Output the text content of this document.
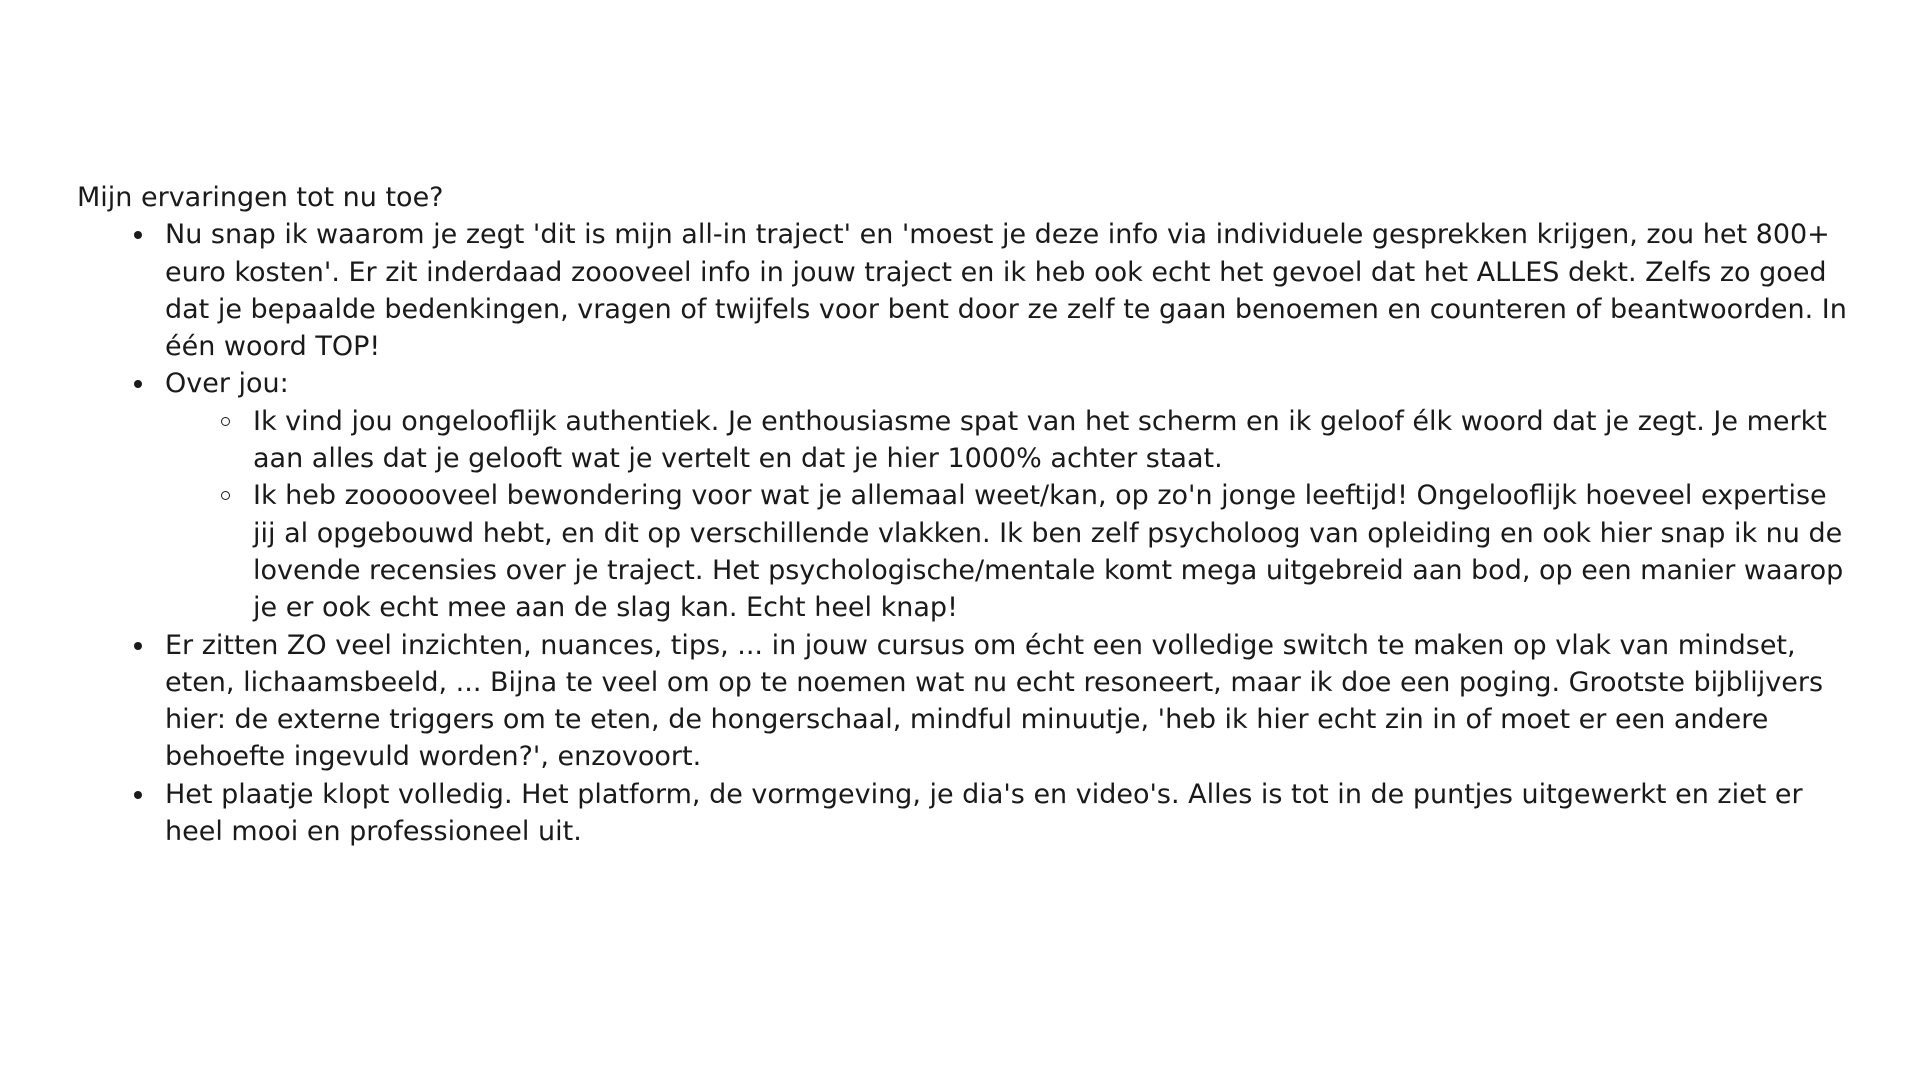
Mijn ervaringen tot nu toe?

Nu snap ik waarom je zegt 'dit is mijn all-in traject' en 'moest je deze info via individuele gesprekken krijgen, zou het 800+ euro kosten'. Er zit inderdaad zoooveel info in jouw traject en ik heb ook echt het gevoel dat het ALLES dekt. Zelfs zo goed dat je bepaalde bedenkingen, vragen of twijfels voor bent door ze zelf te gaan benoemen en counteren of beantwoorden. In één woord TOP!
Over jou:
Ik vind jou ongelooflijk authentiek. Je enthousiasme spat van het scherm en ik geloof élk woord dat je zegt. Je merkt aan alles dat je gelooft wat je vertelt en dat je hier 1000% achter staat.
Ik heb zoooooveel bewondering voor wat je allemaal weet/kan, op zo'n jonge leeftijd! Ongelooflijk hoeveel expertise jij al opgebouwd hebt, en dit op verschillende vlakken. Ik ben zelf psycholoog van opleiding en ook hier snap ik nu de lovende recensies over je traject. Het psychologische/mentale komt mega uitgebreid aan bod, op een manier waarop je er ook echt mee aan de slag kan. Echt heel knap!
Er zitten ZO veel inzichten, nuances, tips, ... in jouw cursus om écht een volledige switch te maken op vlak van mindset, eten, lichaamsbeeld, ... Bijna te veel om op te noemen wat nu echt resoneert, maar ik doe een poging. Grootste bijblijvers hier: de externe triggers om te eten, de hongerschaal, mindful minuutje, 'heb ik hier echt zin in of moet er een andere behoefte ingevuld worden?', enzovoort.
Het plaatje klopt volledig. Het platform, de vormgeving, je dia's en video's. Alles is tot in de puntjes uitgewerkt en ziet er heel mooi en professioneel uit.
